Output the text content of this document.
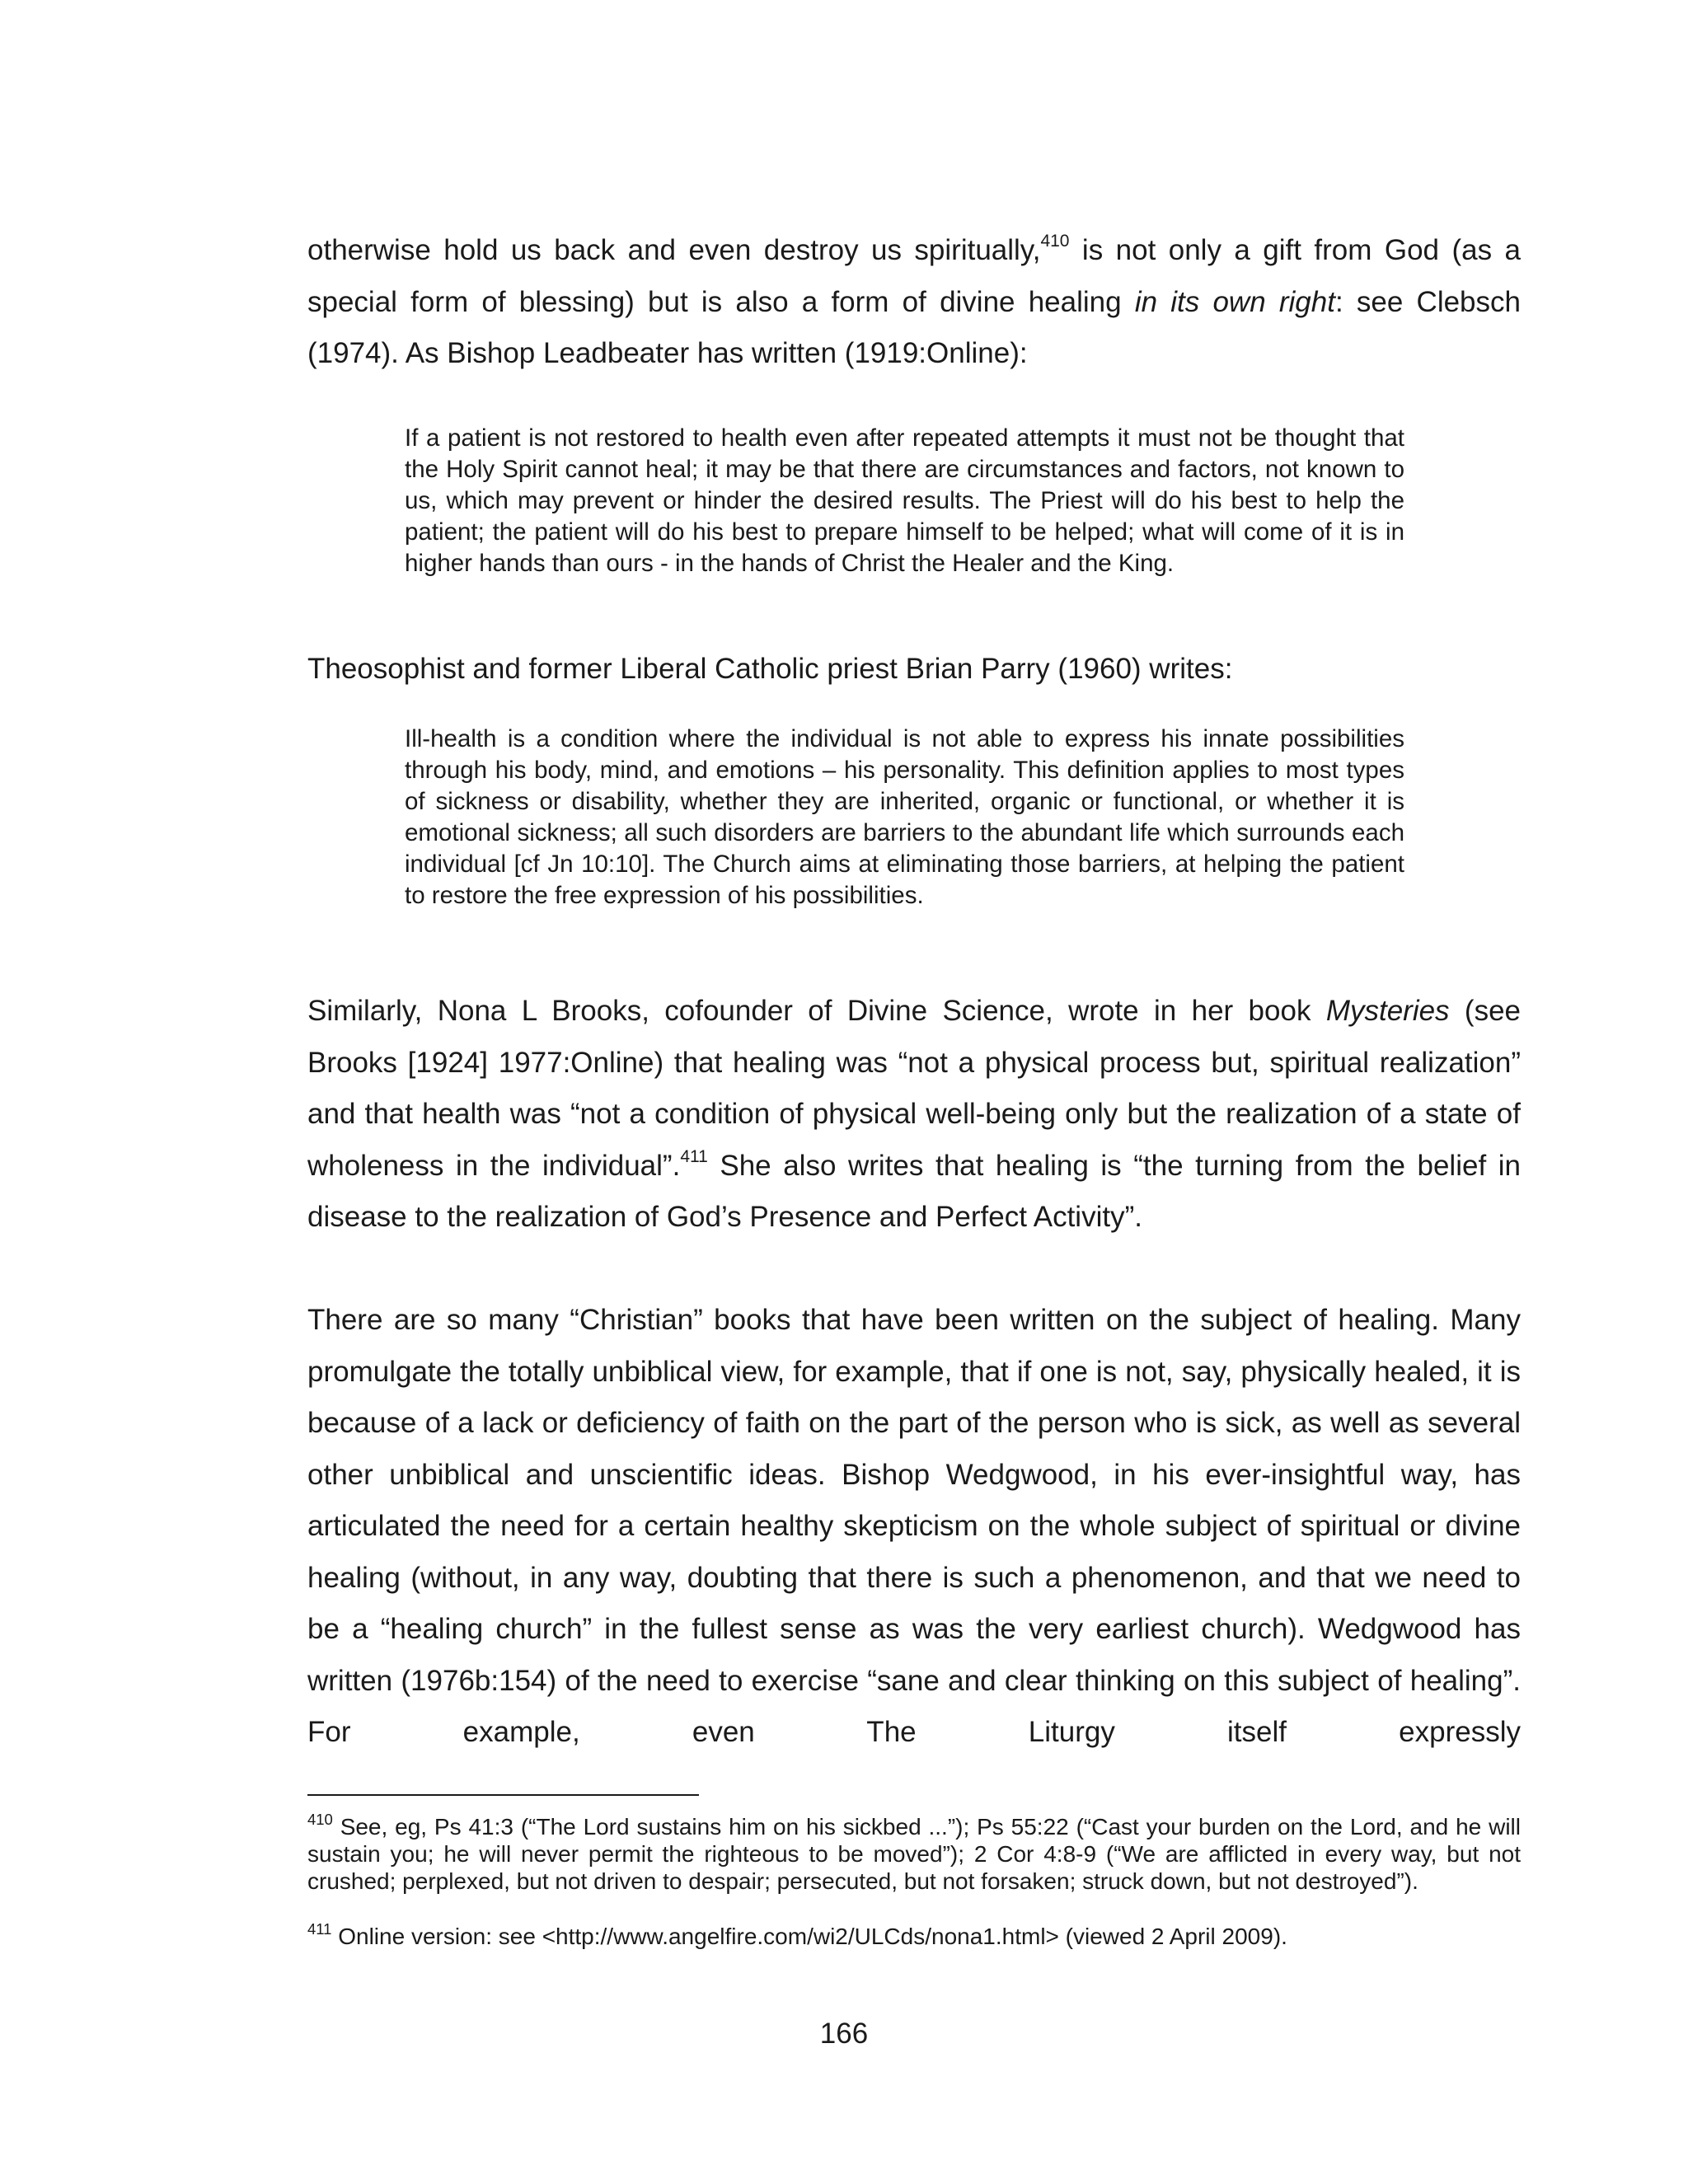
otherwise hold us back and even destroy us spiritually,$^{410}$ is not only a gift from God (as a special form of blessing) but is also a form of divine healing in its own right: see Clebsch (1974). As Bishop Leadbeater has written (1919:Online):

If a patient is not restored to health even after repeated attempts it must not be thought that the Holy Spirit cannot heal; it may be that there are circumstances and factors, not known to us, which may prevent or hinder the desired results. The Priest will do his best to help the patient; the patient will do his best to prepare himself to be helped; what will come of it is in higher hands than ours - in the hands of Christ the Healer and the King.

Theosophist and former Liberal Catholic priest Brian Parry (1960) writes:

Ill-health is a condition where the individual is not able to express his innate possibilities through his body, mind, and emotions – his personality. This definition applies to most types of sickness or disability, whether they are inherited, organic or functional, or whether it is emotional sickness; all such disorders are barriers to the abundant life which surrounds each individual [cf Jn 10:10]. The Church aims at eliminating those barriers, at helping the patient to restore the free expression of his possibilities.

Similarly, Nona L Brooks, cofounder of Divine Science, wrote in her book Mysteries (see Brooks [1924] 1977:Online) that healing was “not a physical process but, spiritual realization” and that health was “not a condition of physical well-being only but the realization of a state of wholeness in the individual”.$^{411}$ She also writes that healing is “the turning from the belief in disease to the realization of God’s Presence and Perfect Activity”.

There are so many “Christian” books that have been written on the subject of healing. Many promulgate the totally unbiblical view, for example, that if one is not, say, physically healed, it is because of a lack or deficiency of faith on the part of the person who is sick, as well as several other unbiblical and unscientific ideas. Bishop Wedgwood, in his ever-insightful way, has articulated the need for a certain healthy skepticism on the whole subject of spiritual or divine healing (without, in any way, doubting that there is such a phenomenon, and that we need to be a “healing church” in the fullest sense as was the very earliest church). Wedgwood has written (1976b:154) of the need to exercise “sane and clear thinking on this subject of healing”. For example, even The Liturgy itself expressly

$^{410}$ See, eg, Ps 41:3 (“The Lord sustains him on his sickbed ...”); Ps 55:22 (“Cast your burden on the Lord, and he will sustain you; he will never permit the righteous to be moved”); 2 Cor 4:8-9 (“We are afflicted in every way, but not crushed; perplexed, but not driven to despair; persecuted, but not forsaken; struck down, but not destroyed”).

$^{411}$ Online version: see <http://www.angelfire.com/wi2/ULCds/nona1.html> (viewed 2 April 2009).

166
